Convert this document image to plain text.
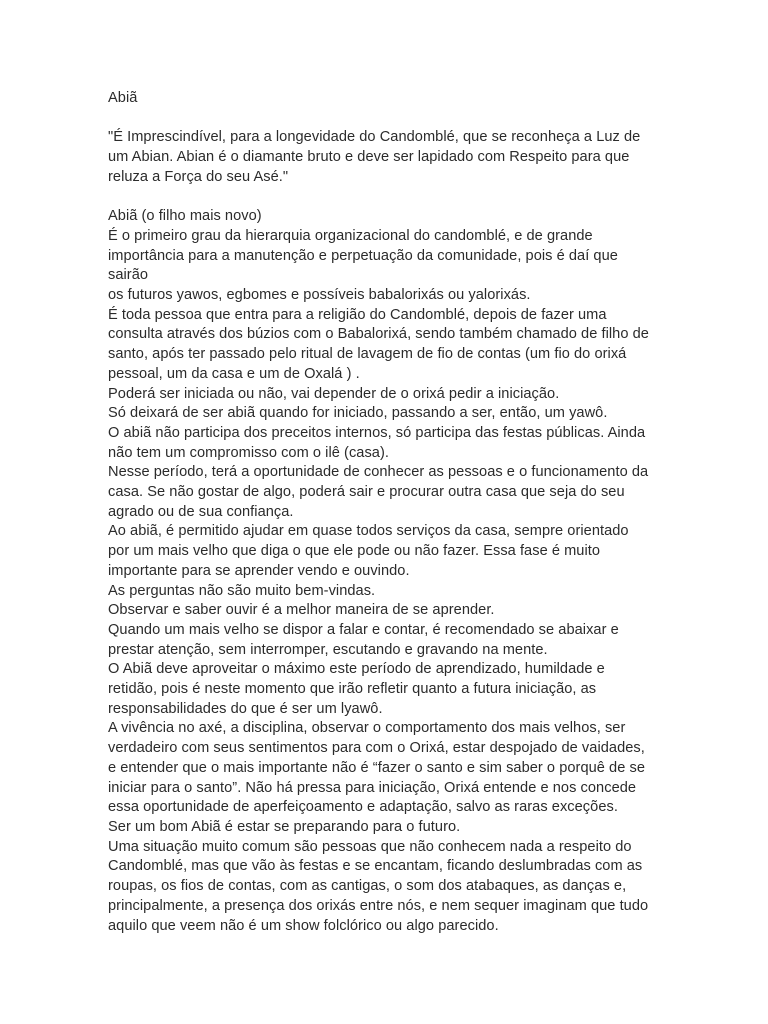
Abiã
"É Imprescindível, para a longevidade do Candomblé, que se reconheça a Luz de
um Abian. Abian é o diamante bruto e deve ser lapidado com Respeito para que
reluza a Força do seu Asé."
Abiã (o filho mais novo)
É o primeiro grau da hierarquia organizacional do candomblé, e de grande
importância para a manutenção e perpetuação da comunidade, pois é daí que
sairão
os futuros yawos, egbomes e possíveis babalorixás ou yalorixás.
É toda pessoa que entra para a religião do Candomblé, depois de fazer uma
consulta através dos búzios com o Babalorixá, sendo também chamado de filho de
santo, após ter passado pelo ritual de lavagem de fio de contas (um fio do orixá
pessoal, um da casa e um de Oxalá ) .
Poderá ser iniciada ou não, vai depender de o orixá pedir a iniciação.
Só deixará de ser abiã quando for iniciado, passando a ser, então, um yawô.
O abiã não participa dos preceitos internos, só participa das festas públicas. Ainda
não tem um compromisso com o ilê (casa).
Nesse período, terá a oportunidade de conhecer as pessoas e o funcionamento da
casa. Se não gostar de algo, poderá sair e procurar outra casa que seja do seu
agrado ou de sua confiança.
Ao abiã, é permitido ajudar em quase todos serviços da casa, sempre orientado
por um mais velho que diga o que ele pode ou não fazer. Essa fase é muito
importante para se aprender vendo e ouvindo.
As perguntas não são muito bem-vindas.
Observar e saber ouvir é a melhor maneira de se aprender.
Quando um mais velho se dispor a falar e contar, é recomendado se abaixar e
prestar atenção, sem interromper, escutando e gravando na mente.
O Abiã deve aproveitar o máximo este período de aprendizado, humildade e
retidão, pois é neste momento que irão refletir quanto a futura iniciação, as
responsabilidades do que é ser um lyawô.
A vivência no axé, a disciplina, observar o comportamento dos mais velhos, ser
verdadeiro com seus sentimentos para com o Orixá, estar despojado de vaidades,
e entender que o mais importante não é “fazer o santo e sim saber o porquê de se
iniciar para o santo”. Não há pressa para iniciação, Orixá entende e nos concede
essa oportunidade de aperfeiçoamento e adaptação, salvo as raras exceções.
Ser um bom Abiã é estar se preparando para o futuro.
Uma situação muito comum são pessoas que não conhecem nada a respeito do
Candomblé, mas que vão às festas e se encantam, ficando deslumbradas com as
roupas, os fios de contas, com as cantigas, o som dos atabaques, as danças e,
principalmente, a presença dos orixás entre nós, e nem sequer imaginam que tudo
aquilo que veem não é um show folclórico ou algo parecido.
